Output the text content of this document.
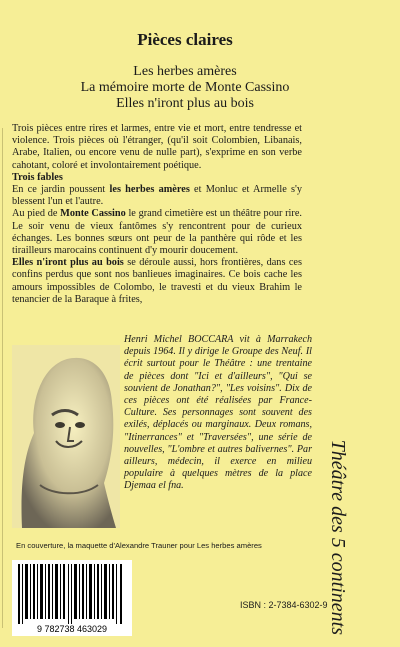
Pièces claires
Les herbes amères
La mémoire morte de Monte Cassino
Elles n'iront plus au bois

Trois pièces entre rires et larmes, entre vie et mort, entre tendresse et violence. Trois pièces où l'étranger, (qu'il soit Colombien, Libanais, Arabe, Italien, ou encore venu de nulle part), s'exprime en son verbe cahotant, coloré et involontairement poétique.

Trois fables

En ce jardin poussent les herbes amères et Monluc et Armelle s'y blessent l'un et l'autre.

Au pied de Monte Cassino le grand cimetière est un théâtre pour rire. Le soir venu de vieux fantômes s'y rencontrent pour de curieux échanges. Les bonnes sœurs ont peur de la panthère qui rôde et les tirailleurs marocains continuent d'y mourir doucement.

Elles n'iront plus au bois se déroule aussi, hors frontières, dans ces confins perdus que sont nos banlieues imaginaires. Ce bois cache les amours impossibles de Colombo, le travesti et du vieux Brahim le tenancier de la Baraque à frites,

Henri Michel BOCCARA vit à Marrakech depuis 1964. Il y dirige le Groupe des Neuf. Il écrit surtout pour le Théâtre : une trentaine de pièces dont "Ici et d'ailleurs", "Qui se souvient de Jonathan?", "Les voisins". Dix de ces pièces ont été réalisées par France-Culture. Ses personnages sont souvent des exilés, déplacés ou marginaux. Deux romans, "Itinerrances" et "Traversées", une série de nouvelles, "L'ombre et autres balivernes". Par ailleurs, médecin, il exerce en milieu populaire à quelques mètres de la place Djemaa el fna.
En couverture, la maquette d'Alexandre Trauner pour Les herbes amères
9 782738 463029
ISBN : 2-7384-6302-9 Théâtre des 5 continents
